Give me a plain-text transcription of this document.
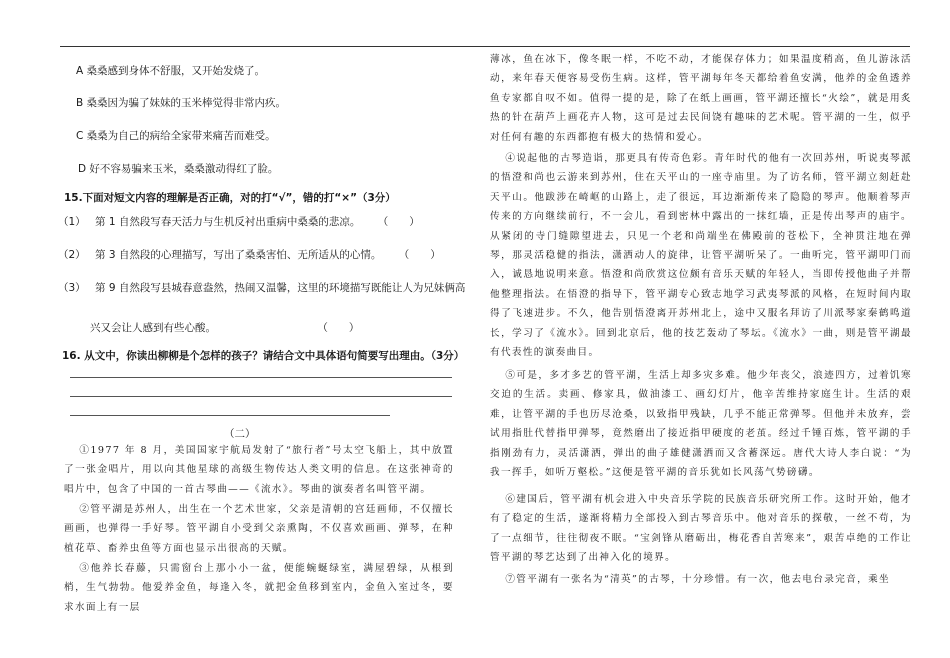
A 桑桑感到身体不舒服，又开始发烧了。
B 桑桑因为骗了妹妹的玉米棒觉得非常内疚。
C 桑桑为自己的病给全家带来痛苦而难受。
D 好不容易骗来玉米，桑桑激动得红了脸。
15.下面对短文内容的理解是否正确，对的打“√”，错的打“×”（3分）
（1） 第 1 自然段写春天活力与生机反衬出重病中桑桑的悲凉。 （　　）
（2） 第 3 自然段的心理描写，写出了桑桑害怕、无所适从的心情。 （　　）
（3） 第 9 自然段写县城春意盎然，热闹又温馨，这里的环境描写既能让人为兄妹俩高
兴又会让人感到有些心酸。	（　　）
16. 从文中，你读出柳柳是个怎样的孩子？请结合文中具体语句简要写出理由。（3分）
（二）

①1977 年 8 月，美国国家宇航局发射了“旅行者”号太空飞船上，其中放置了一张金唱片，用以向其他星球的高级生物传达人类文明的信息。在这张神奇的唱片中，包含了中国的一首古琴曲——《流水》。琴曲的演奏者名叫管平湖。

②管平湖是苏州人，出生在一个艺术世家，父亲是清朝的宫廷画师，不仅擅长画画，也弹得一手好琴。管平湖自小受到父亲熏陶，不仅喜欢画画、弹琴，在种植花草、畜养虫鱼等方面也显示出很高的天赋。

③他养长春藤，只需窗台上那小小一盆，便能蜿蜒绿室，满屋碧绿，从根到梢，生气勃勃。他爱养金鱼，每逢入冬，就把金鱼移到室内，金鱼入室过冬，要求水面上有一层

薄冰，鱼在冰下，像冬眠一样，不吃不动，才能保存体力；如果温度稍高，鱼儿游泳活动，来年春天便容易受伤生病。这样，管平湖每年冬天都给着鱼安满，他养的金鱼透养鱼专家都自叹不如。值得一提的是，除了在纸上画画，管平湖还擅长“火绘”，就是用炙热的针在葫芦上画花卉人物，这可是过去民间饶有趣味的艺术呢。管平湖的一生，似乎对任何有趣的东西都抱有极大的热情和爱心。

④说起他的古琴造诣，那更具有传奇色彩。青年时代的他有一次回苏州，听说夷琴派的悟澄和尚也云游来到苏州，住在天平山的一座寺庙里。为了访名师，管平湖立刻赶赴天平山。他跋涉在崎岖的山路上，走了很远，耳边渐渐传来了隐隐的琴声。他顺着琴声传来的方向继续前行，不一会儿，看到密林中露出的一抹红墙，正是传出琴声的庙宇。从紧闭的寺门缝隙望进去，只见一个老和尚端坐在佛殿前的苍松下，全神贯注地在弹琴，那灵活稳健的指法，潇洒动人的旋律，让管平湖听呆了。一曲听完，管平湖叩门而入，诚恳地说明来意。悟澄和尚欣赏这位颇有音乐天赋的年轻人，当即传授他曲子并帮他整理指法。在悟澄的指导下，管平湖专心致志地学习武夷琴派的风格，在短时间内取得了飞速进步。不久，他告别悟澄离开苏州北上，途中又服名拜访了川派琴家秦鹤鸣道长，学习了《流水》。回到北京后，他的技艺轰动了琴坛。《流水》一曲，则是管平湖最有代表性的演奏曲目。

⑤可是，多才多艺的管平湖，生活上却多灾多难。他少年丧父，浪迹四方，过着饥寒交迫的生活。卖画、修家具，做油漆工、画幻灯片，他辛苦维持家庭生计。生活的艰难，让管平湖的手也历尽沧桑，以致指甲残缺，几乎不能正常弹琴。但他并未放弃，尝试用指肚代替指甲弹琴，竟然磨出了接近指甲硬度的老茧。经过千锤百炼，管平湖的手指刚劲有力，灵活潇洒，弹出的曲子雄健潇洒而又含蓄深远。唐代大诗人李白说：“为我一挥手，如听万壑松。”这便是管平湖的音乐犹如长风荡气势磅礴。

⑥建国后，管平湖有机会进入中央音乐学院的民族音乐研究所工作。这时开始，他才有了稳定的生活，遂渐将精力全部投入到古琴音乐中。他对音乐的探敬，一丝不苟，为了一点细节，往往彻夜不眠。“宝剑锋从磨砺出，梅花香自苦寒来”，艰苦卓绝的工作让管平湖的琴艺达到了出神入化的境界。

⑦管平湖有一张名为“清英”的古琴，十分珍惜。有一次，他去电台录完音，乘坐
